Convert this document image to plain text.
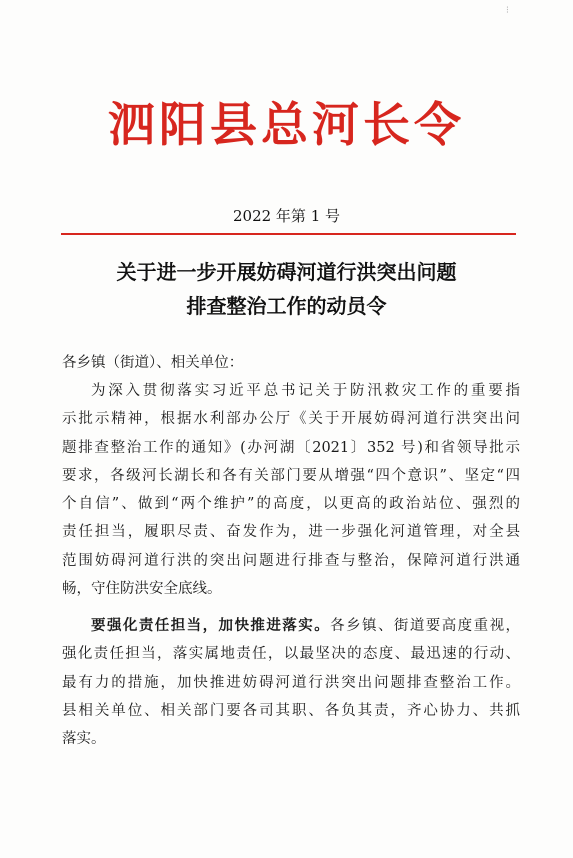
⁝
泗阳县总河长令
2022 年第 1 号
关于进一步开展妨碍河道行洪突出问题
排查整治工作的动员令
各乡镇（街道）、相关单位：
为深入贯彻落实习近平总书记关于防汛救灾工作的重要指
示批示精神，根据水利部办公厅《关于开展妨碍河道行洪突出问
题排查整治工作的通知》(办河湖〔2021〕352 号)和省领导批示
要求，各级河长湖长和各有关部门要从增强“四个意识”、坚定“四
个自信”、做到“两个维护”的高度，以更高的政治站位、强烈的
责任担当，履职尽责、奋发作为，进一步强化河道管理，对全县
范围妨碍河道行洪的突出问题进行排查与整治，保障河道行洪通
畅，守住防洪安全底线。
要强化责任担当，加快推进落实。各乡镇、街道要高度重视，
强化责任担当，落实属地责任，以最坚决的态度、最迅速的行动、
最有力的措施，加快推进妨碍河道行洪突出问题排查整治工作。
县相关单位、相关部门要各司其职、各负其责，齐心协力、共抓
落实。
